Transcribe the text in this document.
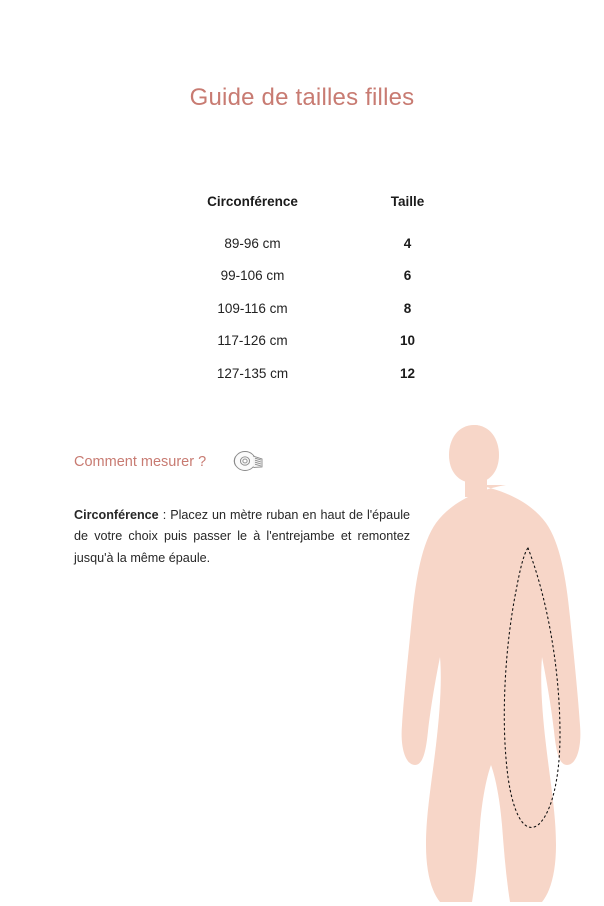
Guide de tailles filles
Circonférence	Taille
89-96 cm	4
99-106 cm	6
109-116 cm	8
117-126 cm	10
127-135 cm	12
Comment mesurer ?

Circonférence : Placez un mètre ruban en haut de l'épaule de votre choix puis passer le à l'entrejambe et remontez jusqu'à la même épaule.
